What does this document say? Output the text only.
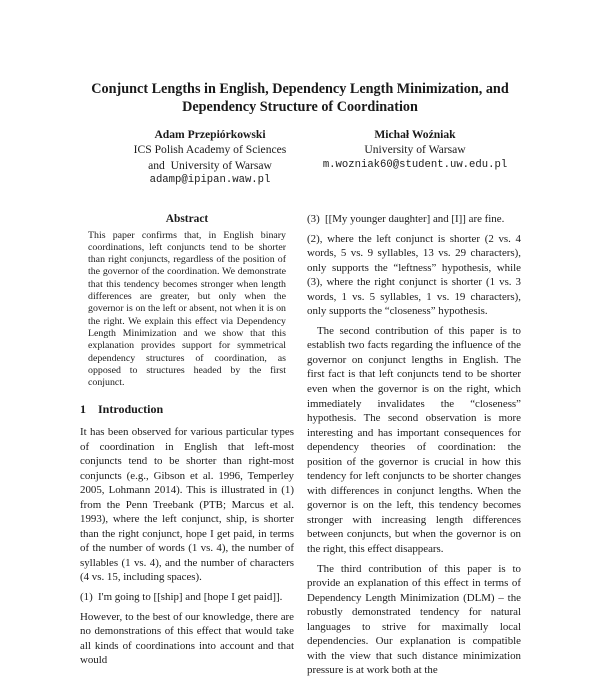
Conjunct Lengths in English, Dependency Length Minimization, and
Dependency Structure of Coordination
Adam Przepiórkowski
ICS Polish Academy of Sciences
and  University of Warsaw
adamp@ipipan.waw.pl
Michał Woźniak
University of Warsaw
m.wozniak60@student.uw.edu.pl
Abstract

This paper confirms that, in English binary coordinations, left conjuncts tend to be shorter than right conjuncts, regardless of the position of the governor of the coordination. We demonstrate that this tendency becomes stronger when length differences are greater, but only when the governor is on the left or absent, not when it is on the right. We explain this effect via Dependency Length Minimization and we show that this explanation provides support for symmetrical dependency structures of coordination, as opposed to structures headed by the first conjunct.

1 Introduction

It has been observed for various particular types of coordination in English that left-most conjuncts tend to be shorter than right-most conjuncts (e.g., Gibson et al. 1996, Temperley 2005, Lohmann 2014). This is illustrated in (1) from the Penn Treebank (PTB; Marcus et al. 1993), where the left conjunct, ship, is shorter than the right conjunct, hope I get paid, in terms of the number of words (1 vs. 4), the number of syllables (1 vs. 4), and the number of characters (4 vs. 15, including spaces).

(1) I'm going to [[ship] and [hope I get paid]].

However, to the best of our knowledge, there are no demonstrations of this effect that would take all kinds of coordinations into account and that would

(3) [[My younger daughter] and [I]] are fine.

(2), where the left conjunct is shorter (2 vs. 4 words, 5 vs. 9 syllables, 13 vs. 29 characters), only supports the “leftness” hypothesis, while (3), where the right conjunct is shorter (1 vs. 3 words, 1 vs. 5 syllables, 1 vs. 19 characters), only supports the “closeness” hypothesis.

The second contribution of this paper is to establish two facts regarding the influence of the governor on conjunct lengths in English. The first fact is that left conjuncts tend to be shorter even when the governor is on the right, which immediately invalidates the “closeness” hypothesis. The second observation is more interesting and has important consequences for dependency theories of coordination: the position of the governor is crucial in how this tendency for left conjuncts to be shorter changes with differences in conjunct lengths. When the governor is on the left, this tendency becomes stronger with increasing length differences between conjuncts, but when the governor is on the right, this effect disappears.

The third contribution of this paper is to provide an explanation of this effect in terms of Dependency Length Minimization (DLM) – the robustly demonstrated tendency for natural languages to strive for maximally local dependencies. Our explanation is compatible with the view that such distance minimization pressure is at work both at the
